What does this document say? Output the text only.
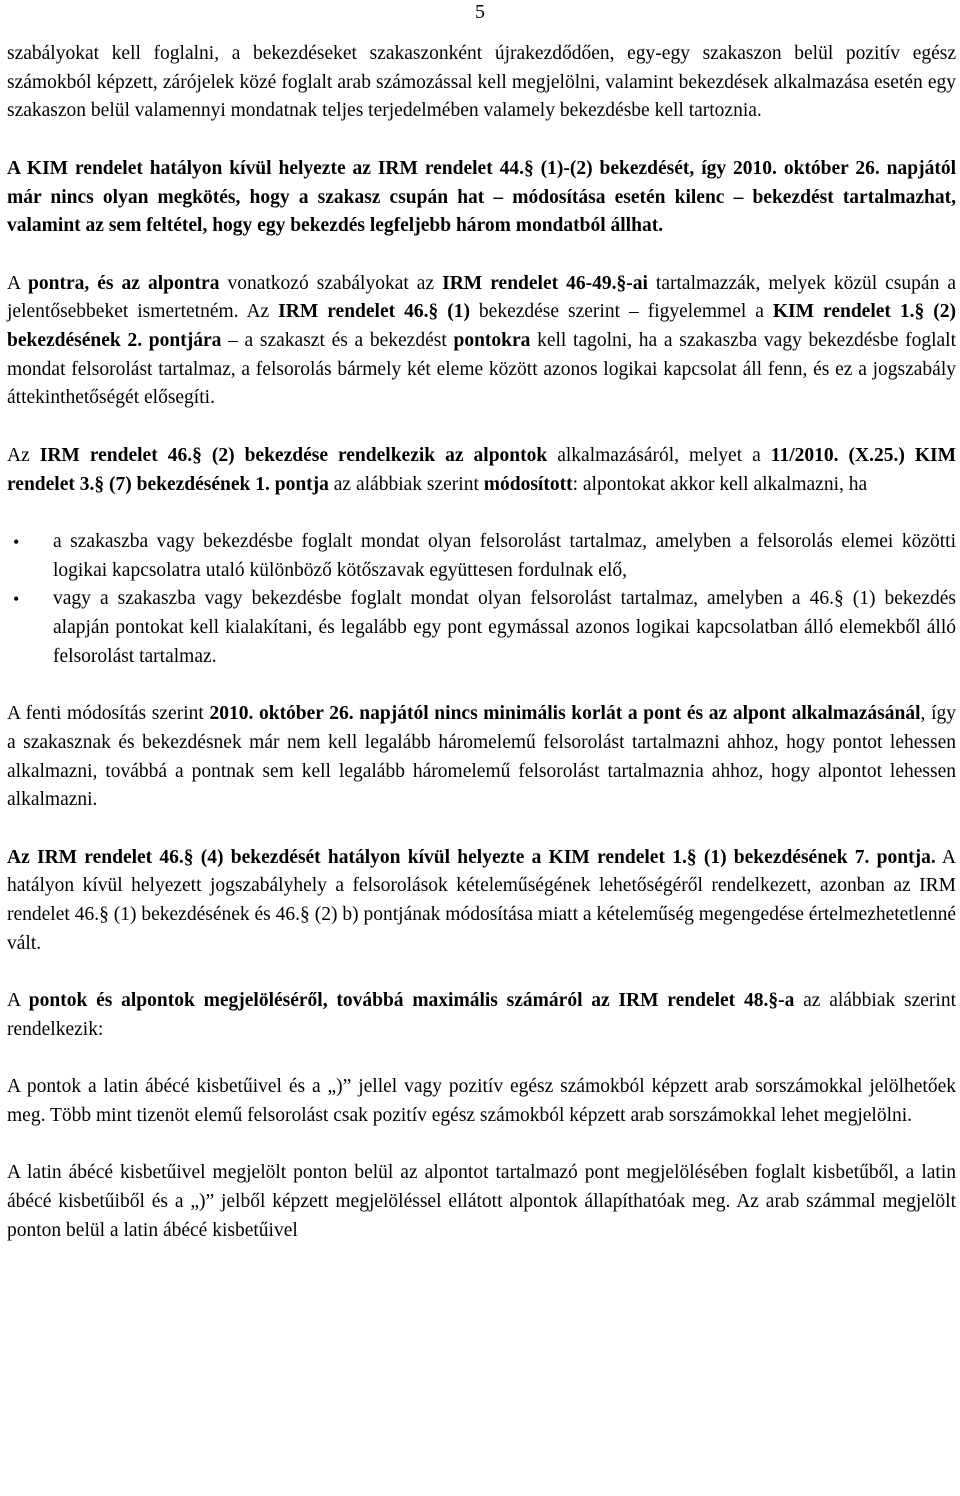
5

szabályokat kell foglalni, a bekezdéseket szakaszonként újrakezdődően, egy-egy szakaszon belül pozitív egész számokból képzett, zárójelek közé foglalt arab számozással kell megjelölni, valamint bekezdések alkalmazása esetén egy szakaszon belül valamennyi mondatnak teljes terjedelmében valamely bekezdésbe kell tartoznia.

A KIM rendelet hatályon kívül helyezte az IRM rendelet 44.§ (1)-(2) bekezdését, így 2010. október 26. napjától már nincs olyan megkötés, hogy a szakasz csupán hat – módosítása esetén kilenc – bekezdést tartalmazhat, valamint az sem feltétel, hogy egy bekezdés legfeljebb három mondatból állhat.

A pontra, és az alpontra vonatkozó szabályokat az IRM rendelet 46-49.§-ai tartalmazzák, melyek közül csupán a jelentősebbeket ismertetném. Az IRM rendelet 46.§ (1) bekezdése szerint – figyelemmel a KIM rendelet 1.§ (2) bekezdésének 2. pontjára – a szakaszt és a bekezdést pontokra kell tagolni, ha a szakaszba vagy bekezdésbe foglalt mondat felsorolást tartalmaz, a felsorolás bármely két eleme között azonos logikai kapcsolat áll fenn, és ez a jogszabály áttekinthetőségét elősegíti.

Az IRM rendelet 46.§ (2) bekezdése rendelkezik az alpontok alkalmazásáról, melyet a 11/2010. (X.25.) KIM rendelet 3.§ (7) bekezdésének 1. pontja az alábbiak szerint módosított: alpontokat akkor kell alkalmazni, ha

• a szakaszba vagy bekezdésbe foglalt mondat olyan felsorolást tartalmaz, amelyben a felsorolás elemei közötti logikai kapcsolatra utaló különböző kötőszavak együttesen fordulnak elő,
• vagy a szakaszba vagy bekezdésbe foglalt mondat olyan felsorolást tartalmaz, amelyben a 46.§ (1) bekezdés alapján pontokat kell kialakítani, és legalább egy pont egymással azonos logikai kapcsolatban álló elemekből álló felsorolást tartalmaz.

A fenti módosítás szerint 2010. október 26. napjától nincs minimális korlát a pont és az alpont alkalmazásánál, így a szakasznak és bekezdésnek már nem kell legalább háromelemű felsorolást tartalmazni ahhoz, hogy pontot lehessen alkalmazni, továbbá a pontnak sem kell legalább háromelemű felsorolást tartalmaznia ahhoz, hogy alpontot lehessen alkalmazni.

Az IRM rendelet 46.§ (4) bekezdését hatályon kívül helyezte a KIM rendelet 1.§ (1) bekezdésének 7. pontja. A hatályon kívül helyezett jogszabályhely a felsorolások kételeműségének lehetőségéről rendelkezett, azonban az IRM rendelet 46.§ (1) bekezdésének és 46.§ (2) b) pontjának módosítása miatt a kételeműség megengedése értelmezhetetlenné vált.

A pontok és alpontok megjelöléséről, továbbá maximális számáról az IRM rendelet 48.§-a az alábbiak szerint rendelkezik:

A pontok a latin ábécé kisbetűivel és a „)” jellel vagy pozitív egész számokból képzett arab sorszámokkal jelölhetőek meg. Több mint tizenöt elemű felsorolást csak pozitív egész számokból képzett arab sorszámokkal lehet megjelölni.

A latin ábécé kisbetűivel megjelölt ponton belül az alpontot tartalmazó pont megjelölésében foglalt kisbetűből, a latin ábécé kisbetűiből és a „)” jelből képzett megjelöléssel ellátott alpontok állapíthatóak meg. Az arab számmal megjelölt ponton belül a latin ábécé kisbetűivel
